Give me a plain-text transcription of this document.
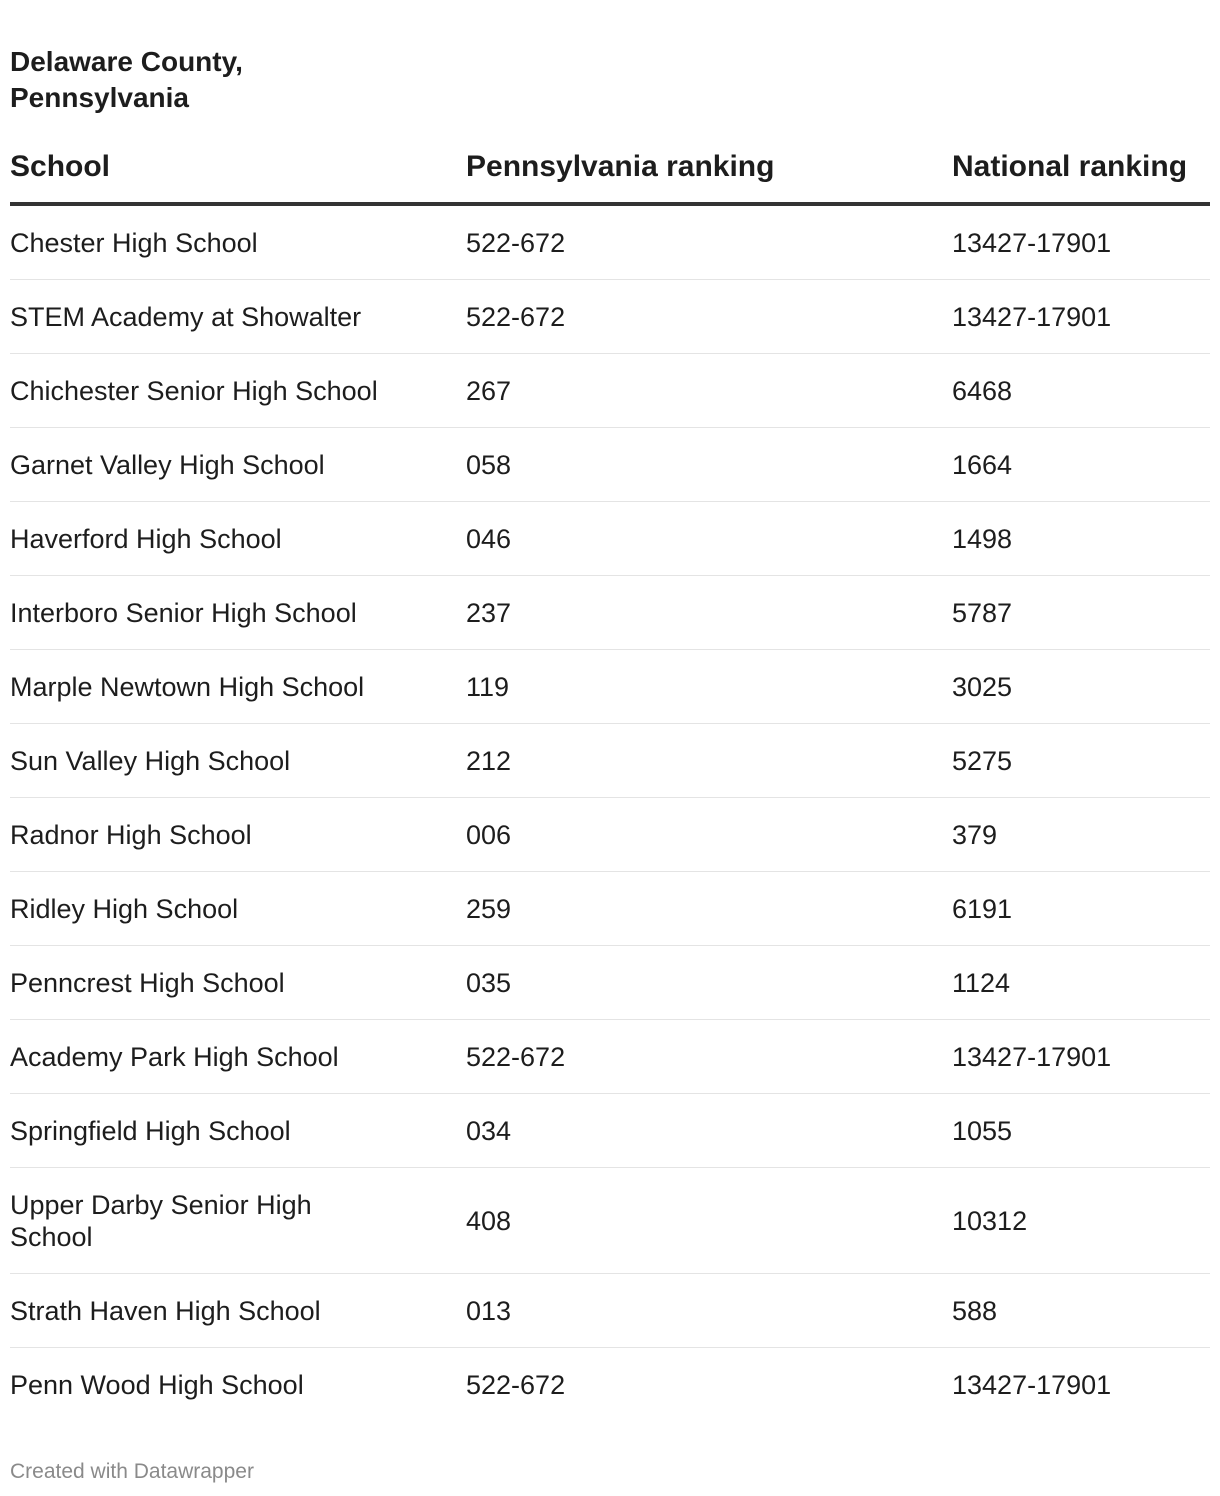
Delaware County, Pennsylvania
School	Pennsylvania ranking	National ranking
Chester High School	522-672	13427-17901
STEM Academy at Showalter	522-672	13427-17901
Chichester Senior High School	267	6468
Garnet Valley High School	058	1664
Haverford High School	046	1498
Interboro Senior High School	237	5787
Marple Newtown High School	119	3025
Sun Valley High School	212	5275
Radnor High School	006	379
Ridley High School	259	6191
Penncrest High School	035	1124
Academy Park High School	522-672	13427-17901
Springfield High School	034	1055
Upper Darby Senior High School	408	10312
Strath Haven High School	013	588
Penn Wood High School	522-672	13427-17901
Created with Datawrapper
